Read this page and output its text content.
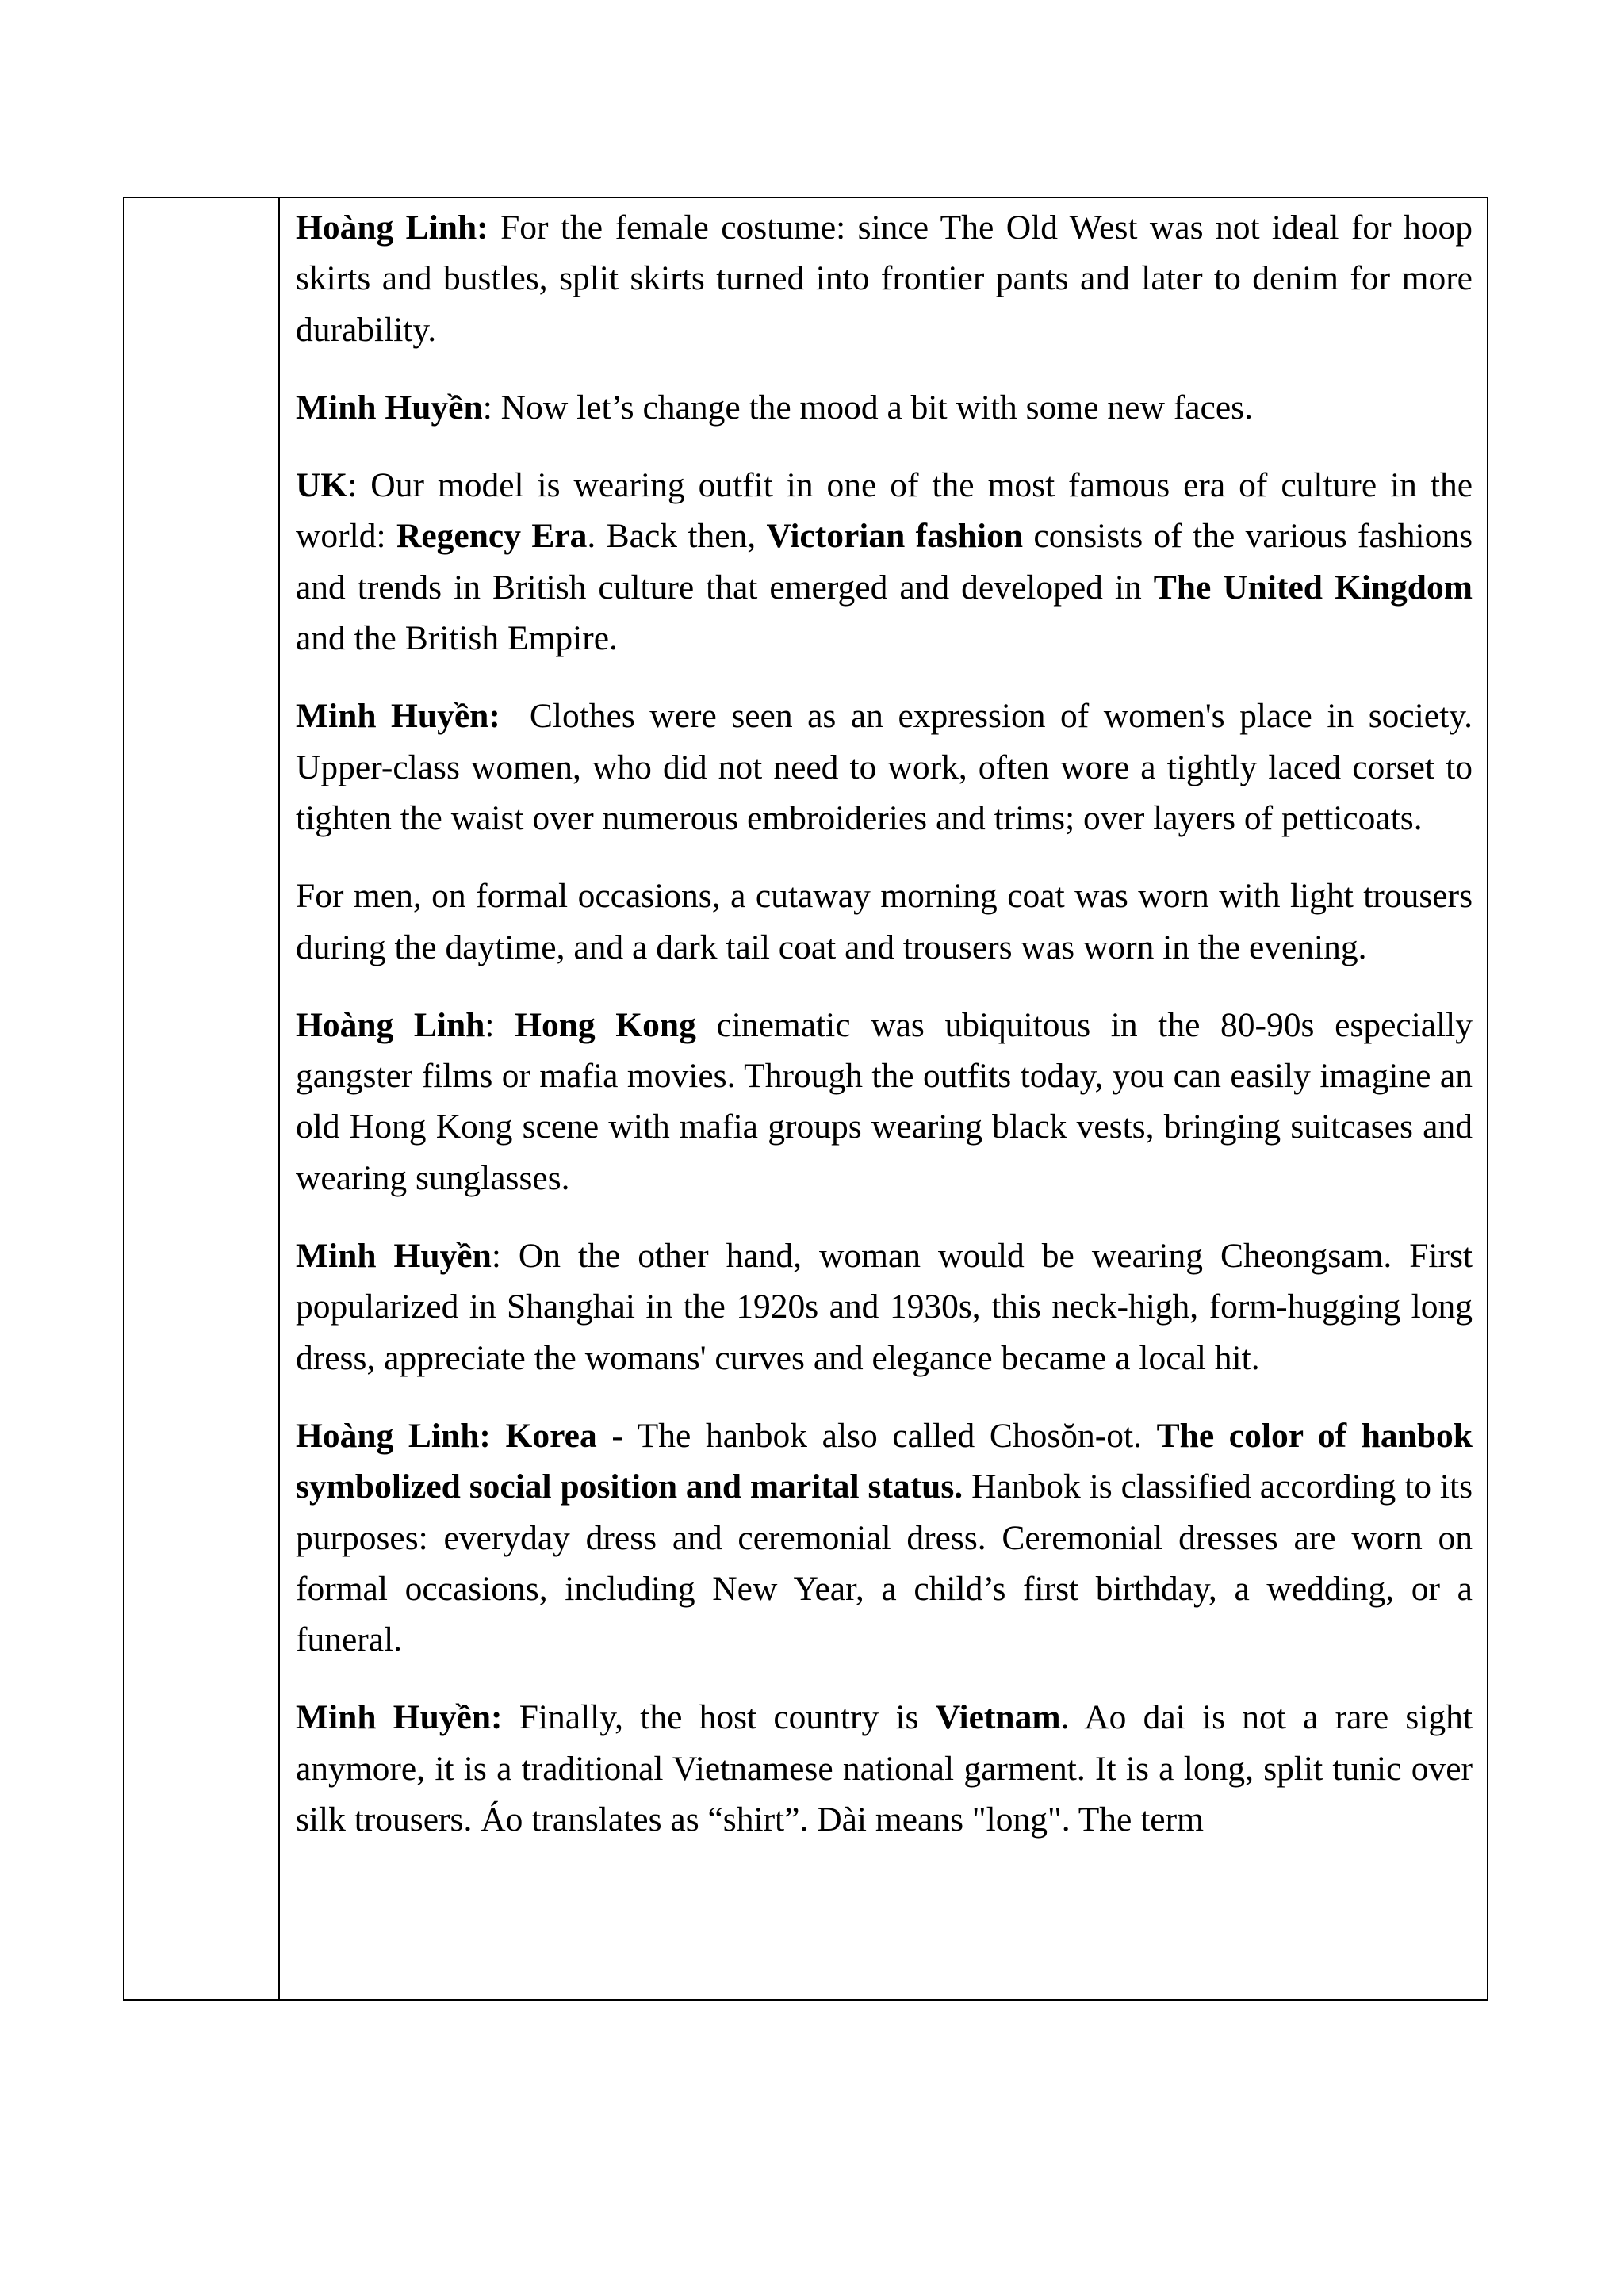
Hoàng Linh: For the female costume: since The Old West was not ideal for hoop skirts and bustles, split skirts turned into frontier pants and later to denim for more durability.

Minh Huyền: Now let’s change the mood a bit with some new faces.

UK: Our model is wearing outfit in one of the most famous era of culture in the world: Regency Era. Back then, Victorian fashion consists of the various fashions and trends in British culture that emerged and developed in The United Kingdom and the British Empire.

Minh Huyền:  Clothes were seen as an expression of women's place in society. Upper-class women, who did not need to work, often wore a tightly laced corset to tighten the waist over numerous embroideries and trims; over layers of petticoats.

For men, on formal occasions, a cutaway morning coat was worn with light trousers during the daytime, and a dark tail coat and trousers was worn in the evening.

Hoàng Linh: Hong Kong cinematic was ubiquitous in the 80-90s especially gangster films or mafia movies. Through the outfits today, you can easily imagine an old Hong Kong scene with mafia groups wearing black vests, bringing suitcases and wearing sunglasses.

Minh Huyền: On the other hand, woman would be wearing Cheongsam. First popularized in Shanghai in the 1920s and 1930s, this neck-high, form-hugging long dress, appreciate the womans' curves and elegance became a local hit.

Hoàng Linh: Korea - The hanbok also called Chosŏn-ot. The color of hanbok symbolized social position and marital status. Hanbok is classified according to its purposes: everyday dress and ceremonial dress. Ceremonial dresses are worn on formal occasions, including New Year, a child’s first birthday, a wedding, or a funeral.

Minh Huyền: Finally, the host country is Vietnam. Ao dai is not a rare sight anymore, it is a traditional Vietnamese national garment. It is a long, split tunic over silk trousers. Áo translates as “shirt”. Dài means "long". The term
